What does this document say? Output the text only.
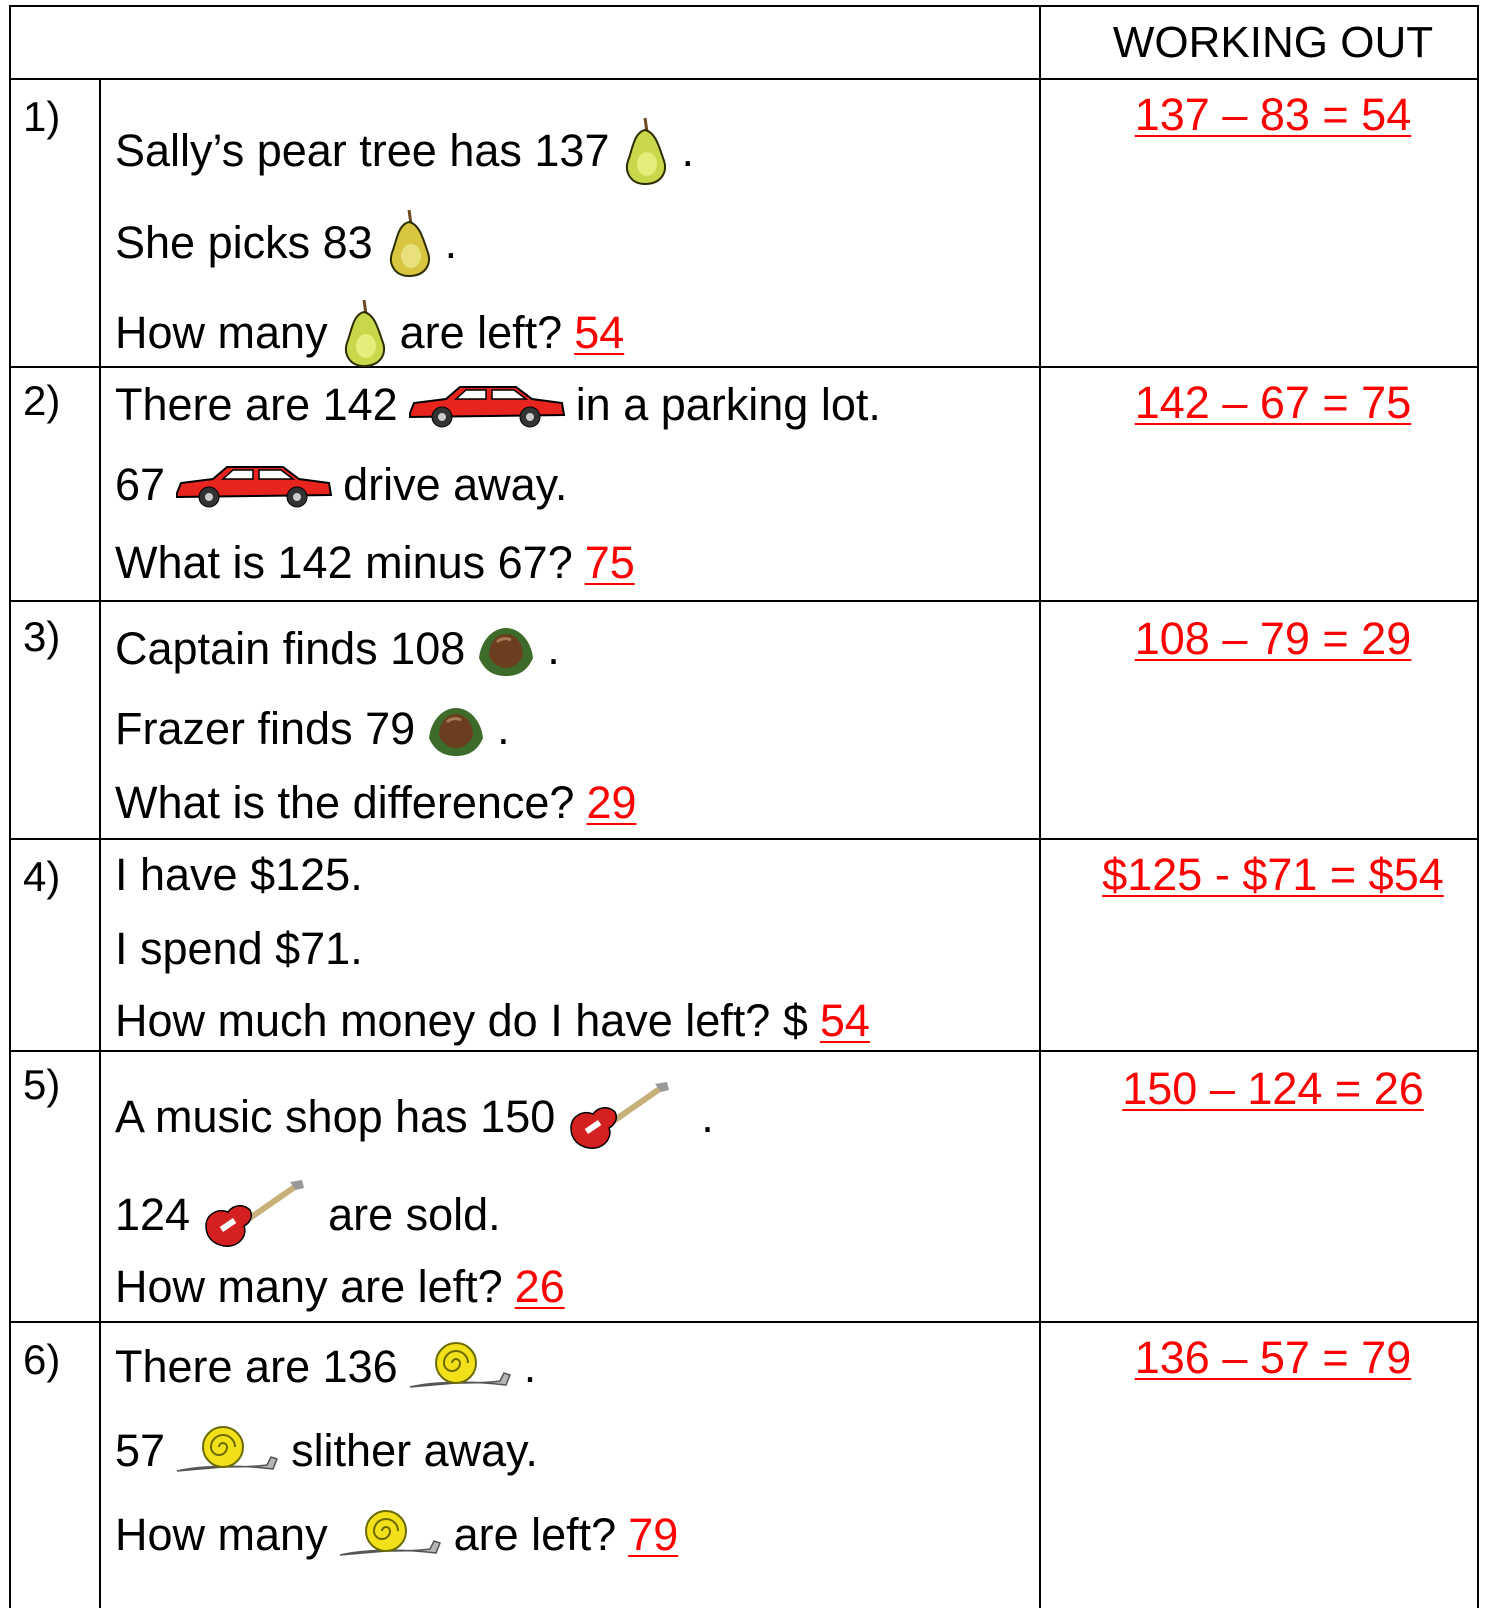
WORKING OUT
1)
Sally’s pear tree has 137 .
She picks 83 .
How many are left? 54
137 – 83 = 54
2) There are 142	in a parking lot.
67	drive away.
What is 142 minus 67? 75
142 – 67 = 75
3) Captain finds 108 .
Frazer finds 79 .
What is the difference? 29
108 – 79 = 29
4) I have $125.
I spend $71.
How much money do I have left? $ 54
$125 - $71 = $54
5)
A music shop has 150	.
124	are sold.
How many are left? 26
150 – 124 = 26
6) There are 136	.
57	slither away.
How many	are left? 79
136 – 57 = 79
